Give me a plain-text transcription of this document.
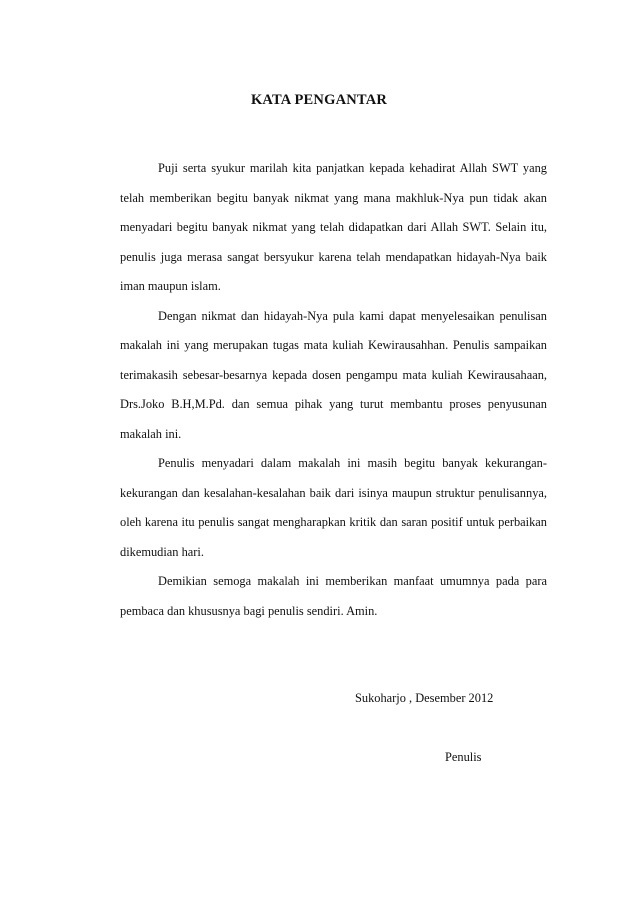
KATA PENGANTAR

Puji serta syukur marilah kita panjatkan kepada kehadirat Allah SWT yang telah memberikan begitu banyak nikmat yang mana makhluk-Nya pun tidak akan menyadari begitu banyak nikmat yang telah didapatkan dari Allah SWT. Selain itu, penulis juga merasa sangat bersyukur karena telah mendapatkan hidayah-Nya baik iman maupun islam.

Dengan nikmat dan hidayah-Nya pula kami dapat menyelesaikan penulisan makalah ini yang merupakan tugas mata kuliah Kewirausahhan. Penulis sampaikan terimakasih sebesar-besarnya kepada dosen pengampu mata kuliah Kewirausahaan, Drs.Joko B.H,M.Pd. dan semua pihak yang turut membantu proses penyusunan makalah ini.

Penulis menyadari dalam makalah ini masih begitu banyak kekurangan-kekurangan dan kesalahan-kesalahan baik dari isinya maupun struktur penulisannya, oleh karena itu penulis sangat mengharapkan kritik dan saran positif untuk perbaikan dikemudian hari.

Demikian semoga makalah ini memberikan manfaat umumnya pada para pembaca dan khususnya bagi penulis sendiri. Amin.

Sukoharjo , Desember 2012
Penulis
